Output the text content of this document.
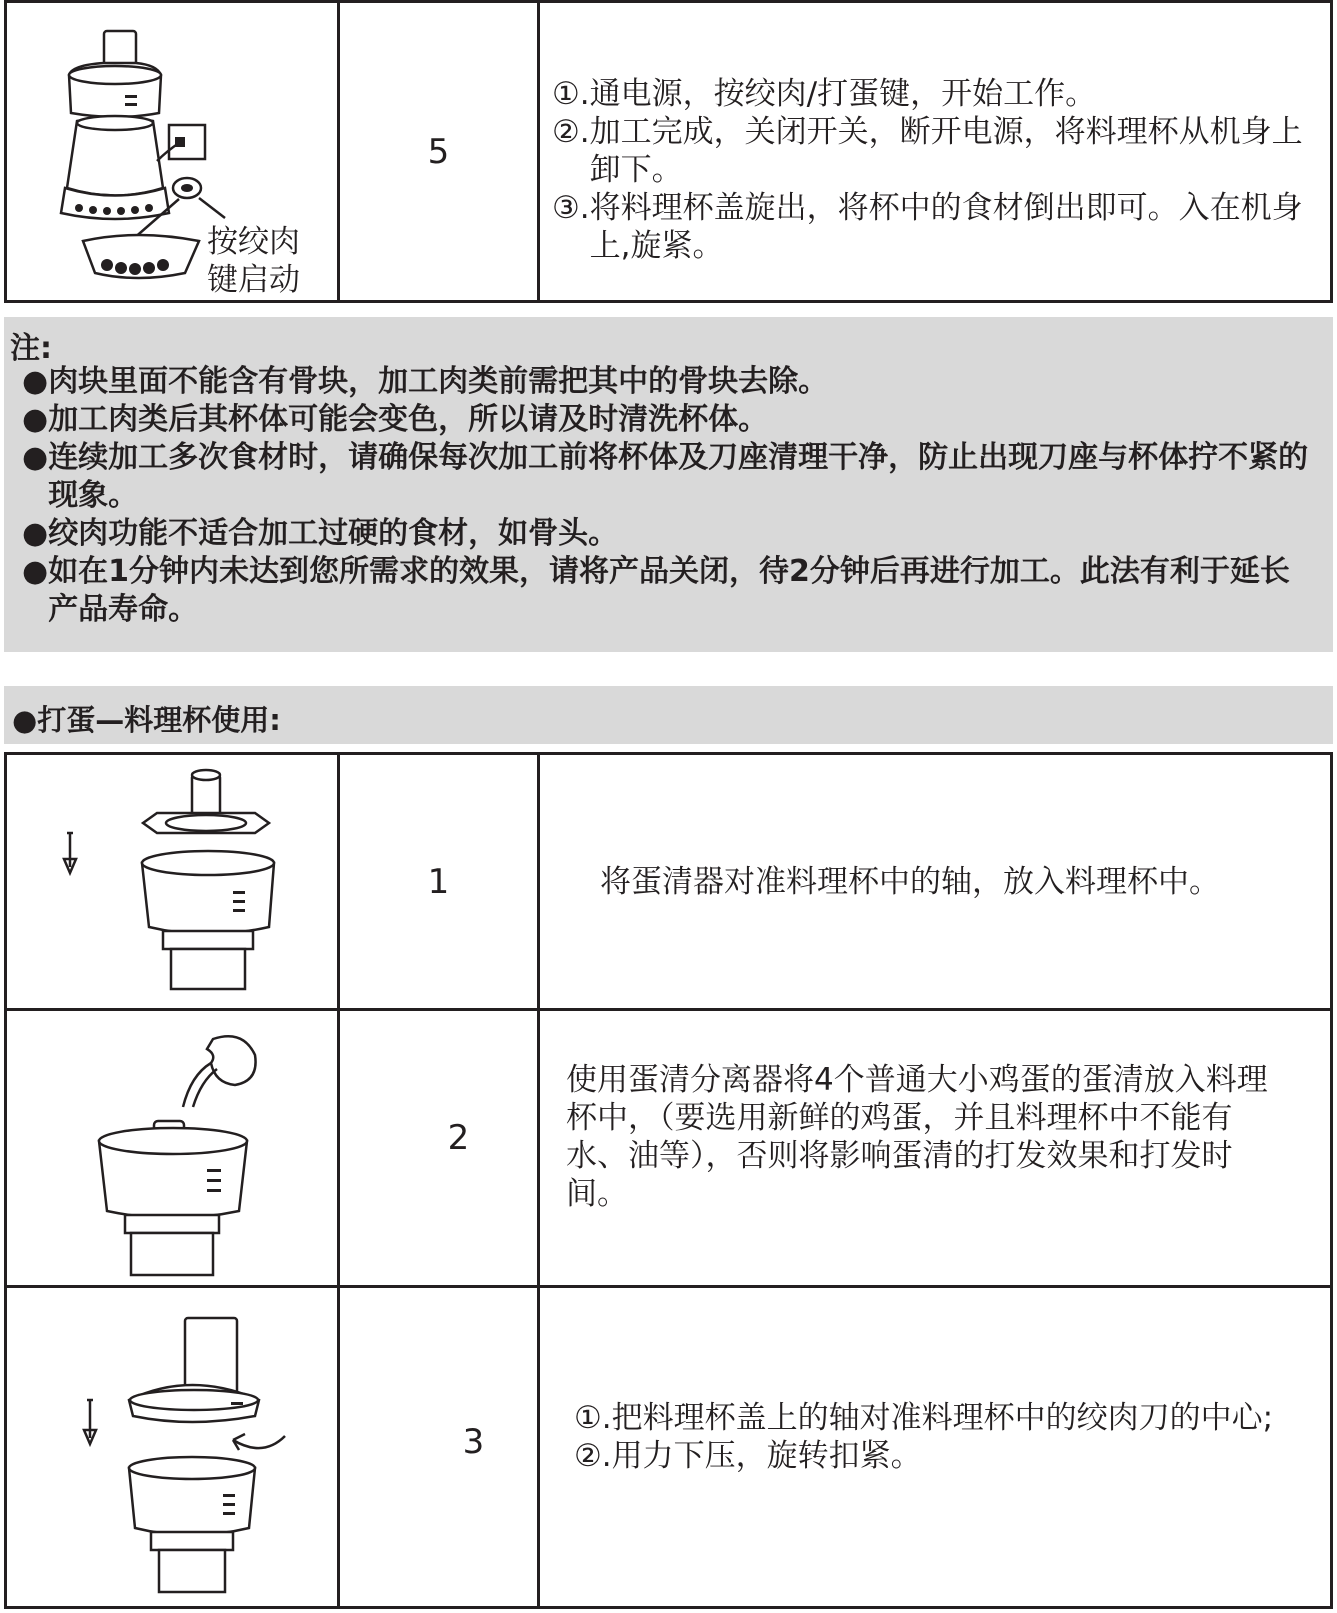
按绞肉
键启动
5
①. 通电源，按绞肉/打蛋键，开始工作。
②. 加工完成，关闭开关，断开电源，将料理杯从机身上卸下。
③. 将料理杯盖旋出，将杯中的食材倒出即可。入在机身上,旋紧。
注:
● 肉块里面不能含有骨块，加工肉类前需把其中的骨块去除。
● 加工肉类后其杯体可能会变色，所以请及时清洗杯体。
● 连续加工多次食材时，请确保每次加工前将杯体及刀座清理干净，防止出现刀座与杯体拧不紧的现象。
● 绞肉功能不适合加工过硬的食材，如骨头。
● 如在1分钟内未达到您所需求的效果，请将产品关闭，待2分钟后再进行加工。此法有利于延长产品寿命。
●打蛋—料理杯使用:
1	将蛋清器对准料理杯中的轴，放入料理杯中。
2
使用蛋清分离器将4个普通大小鸡蛋的蛋清放入料理杯中，（要选用新鲜的鸡蛋，并且料理杯中不能有水、油等），否则将影响蛋清的打发效果和打发时间。
3
①. 把料理杯盖上的轴对准料理杯中的绞肉刀的中心;
②. 用力下压，旋转扣紧。
